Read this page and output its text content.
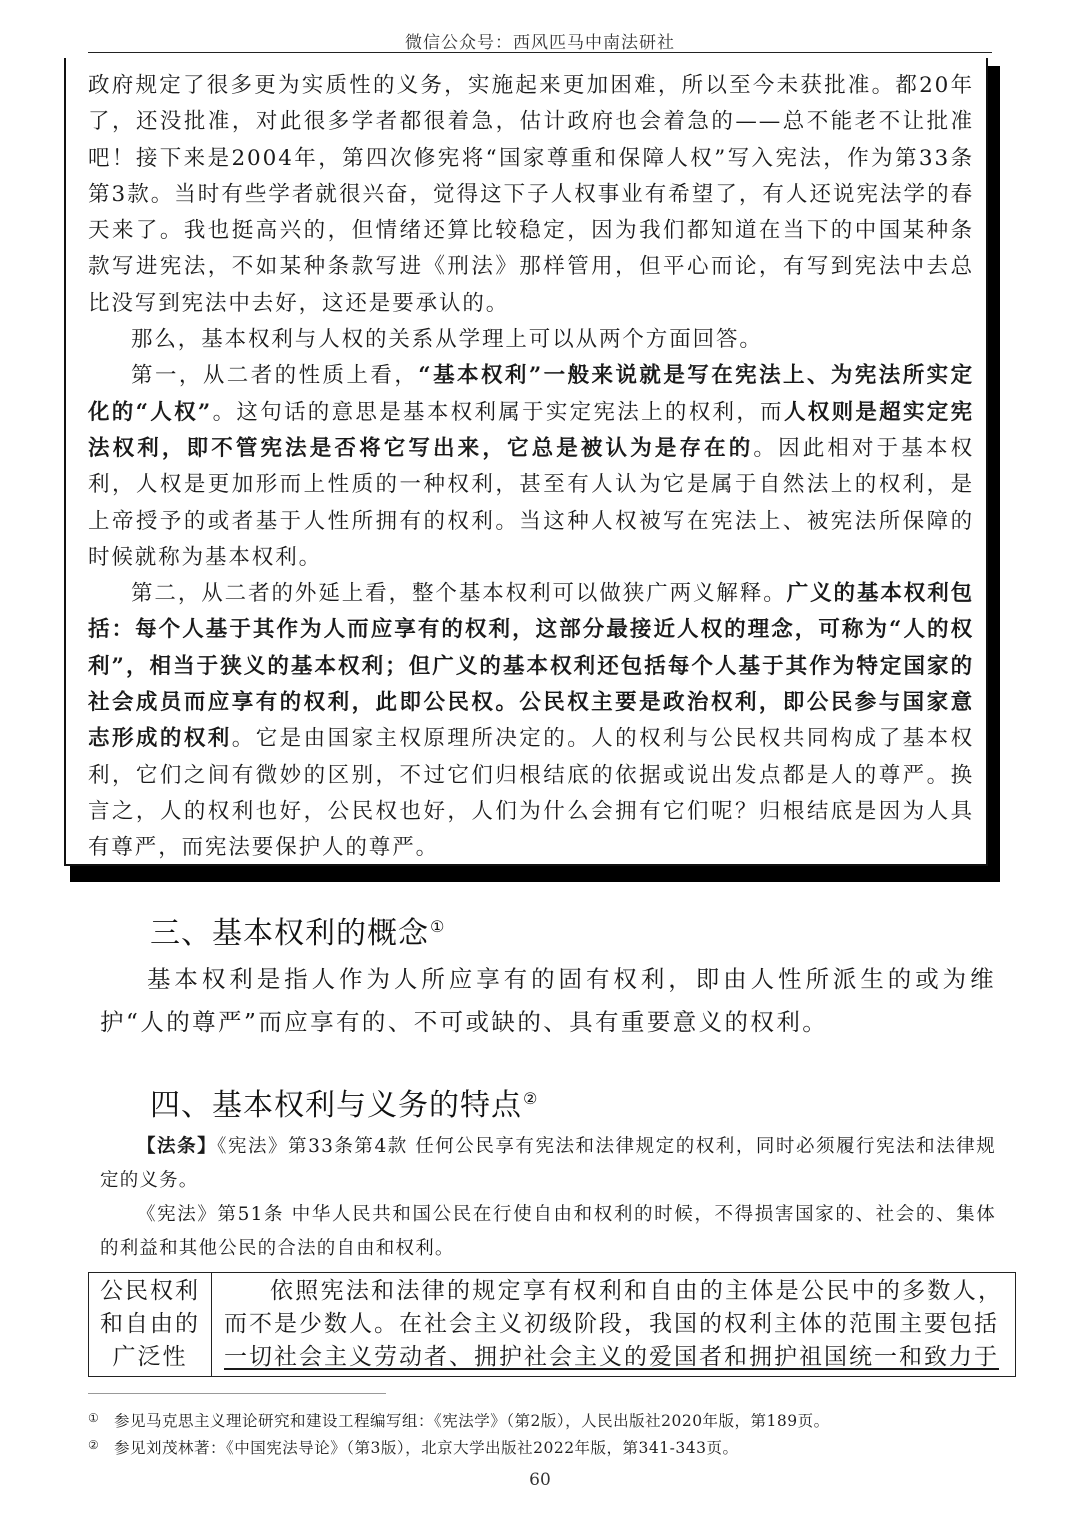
微信公众号：西风匹马中南法研社

政府规定了很多更为实质性的义务，实施起来更加困难，所以至今未获批准。都20年了，还没批准，对此很多学者都很着急，估计政府也会着急的——总不能老不让批准吧！接下来是2004年，第四次修宪将“国家尊重和保障人权”写入宪法，作为第33条第3款。当时有些学者就很兴奋，觉得这下子人权事业有希望了，有人还说宪法学的春天来了。我也挺高兴的，但情绪还算比较稳定，因为我们都知道在当下的中国某种条款写进宪法，不如某种条款写进《刑法》那样管用，但平心而论，有写到宪法中去总比没写到宪法中去好，这还是要承认的。

那么，基本权利与人权的关系从学理上可以从两个方面回答。

第一，从二者的性质上看，“基本权利”一般来说就是写在宪法上、为宪法所实定化的“人权”。这句话的意思是基本权利属于实定宪法上的权利，而人权则是超实定宪法权利，即不管宪法是否将它写出来，它总是被认为是存在的。因此相对于基本权利，人权是更加形而上性质的一种权利，甚至有人认为它是属于自然法上的权利，是上帝授予的或者基于人性所拥有的权利。当这种人权被写在宪法上、被宪法所保障的时候就称为基本权利。

第二，从二者的外延上看，整个基本权利可以做狭广两义解释。广义的基本权利包括：每个人基于其作为人而应享有的权利，这部分最接近人权的理念，可称为“人的权利”，相当于狭义的基本权利；但广义的基本权利还包括每个人基于其作为特定国家的社会成员而应享有的权利，此即公民权。公民权主要是政治权利，即公民参与国家意志形成的权利。它是由国家主权原理所决定的。人的权利与公民权共同构成了基本权利，它们之间有微妙的区别，不过它们归根结底的依据或说出发点都是人的尊严。换言之，人的权利也好，公民权也好，人们为什么会拥有它们呢？归根结底是因为人具有尊严，而宪法要保护人的尊严。

三、基本权利的概念①

基本权利是指人作为人所应享有的固有权利，即由人性所派生的或为维护“人的尊严”而应享有的、不可或缺的、具有重要意义的权利。

四、基本权利与义务的特点②

【法条】《宪法》第33条第4款 任何公民享有宪法和法律规定的权利，同时必须履行宪法和法律规定的义务。

《宪法》第51条 中华人民共和国公民在行使自由和权利的时候，不得损害国家的、社会的、集体的利益和其他公民的合法的自由和权利。

公民权利
和自由的
广泛性

依照宪法和法律的规定享有权利和自由的主体是公民中的多数人，而不是少数人。在社会主义初级阶段，我国的权利主体的范围主要包括
一切社会主义劳动者、拥护社会主义的爱国者和拥护祖国统一和致力于
① 参见马克思主义理论研究和建设工程编写组：《宪法学》（第2版），人民出版社2020年版，第189页。
② 参见刘茂林著：《中国宪法导论》（第3版），北京大学出版社2022年版，第341-343页。
60
